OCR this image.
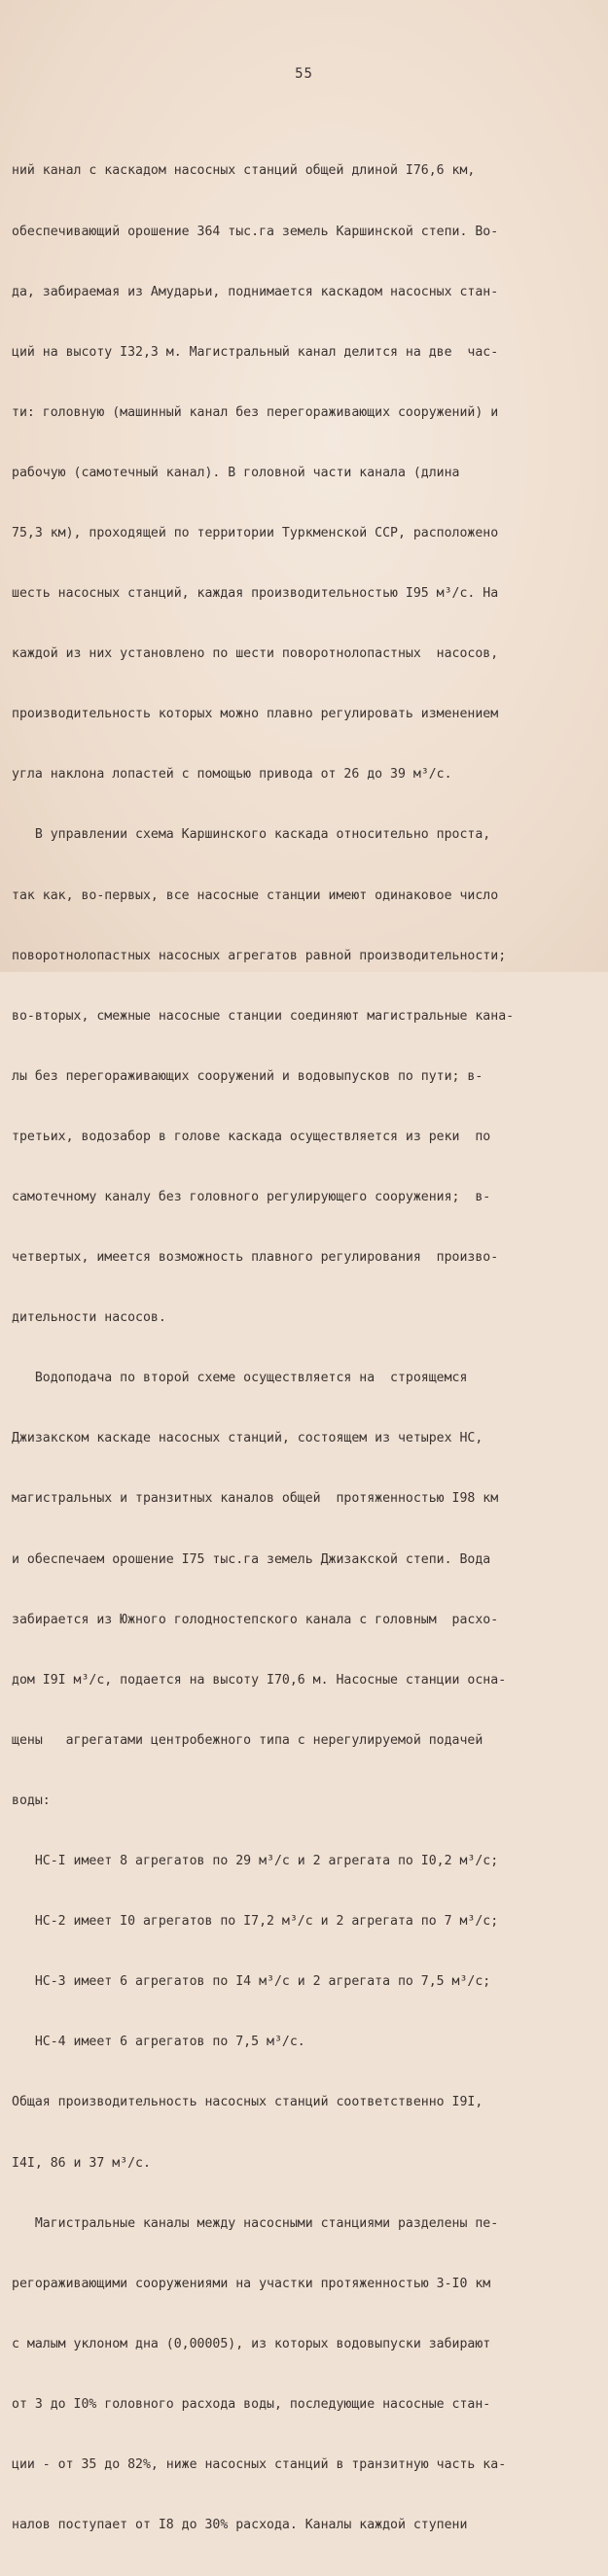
55

ний канал с каскадом насосных станций общей длиной I76,6 км,

обеспечивающий орошение 364 тыс.га земель Каршинской степи. Во-

да, забираемая из Амударьи, поднимается каскадом насосных стан-

ций на высоту I32,3 м. Магистральный канал делится на две  час-

ти: головную (машинный канал без перегораживающих сооружений) и

рабочую (самотечный канал). В головной части канала (длина

75,3 км), проходящей по территории Туркменской ССР, расположено

шесть насосных станций, каждая производительностью I95 м³/с. На

каждой из них установлено по шести поворотнолопастных  насосов,

производительность которых можно плавно регулировать изменением

угла наклона лопастей с помощью привода от 26 до 39 м³/с.

В управлении схема Каршинского каскада относительно проста,

так как, во-первых, все насосные станции имеют одинаковое число

поворотнолопастных насосных агрегатов равной производительности;

во-вторых, смежные насосные станции соединяют магистральные кана-

лы без перегораживающих сооружений и водовыпусков по пути; в-

третьих, водозабор в голове каскада осуществляется из реки  по

самотечному каналу без головного регулирующего сооружения;  в-

четвертых, имеется возможность плавного регулирования  произво-

дительности насосов.

Водоподача по второй схеме осуществляется на  строящемся

Джизакском каскаде насосных станций, состоящем из четырех НС,

магистральных и транзитных каналов общей  протяженностью I98 км

и обеспечаем орошение I75 тыс.га земель Джизакской степи. Вода

забирается из Южного голодностепского канала с головным  расхо-

дом I9I м³/с, подается на высоту I70,6 м. Насосные станции осна-

щены   агрегатами центробежного типа с нерегулируемой подачей

воды:

НС-I имеет 8 агрегатов по 29 м³/с и 2 агрегата по I0,2 м³/с;

НС-2 имеет I0 агрегатов по I7,2 м³/с и 2 агрегата по 7 м³/с;

НС-3 имеет 6 агрегатов по I4 м³/с и 2 агрегата по 7,5 м³/с;

НС-4 имеет 6 агрегатов по 7,5 м³/с.

Общая производительность насосных станций соответственно I9I,

I4I, 86 и 37 м³/с.

Магистральные каналы между насосными станциями разделены пе-

регораживающими сооружениями на участки протяженностью 3-I0 км

с малым уклоном дна (0,00005), из которых водовыпуски забирают

от 3 до I0% головного расхода воды, последующие насосные стан-

ции - от 35 до 82%, ниже насосных станций в транзитную часть ка-

налов поступает от I8 до 30% расхода. Каналы каждой ступени
